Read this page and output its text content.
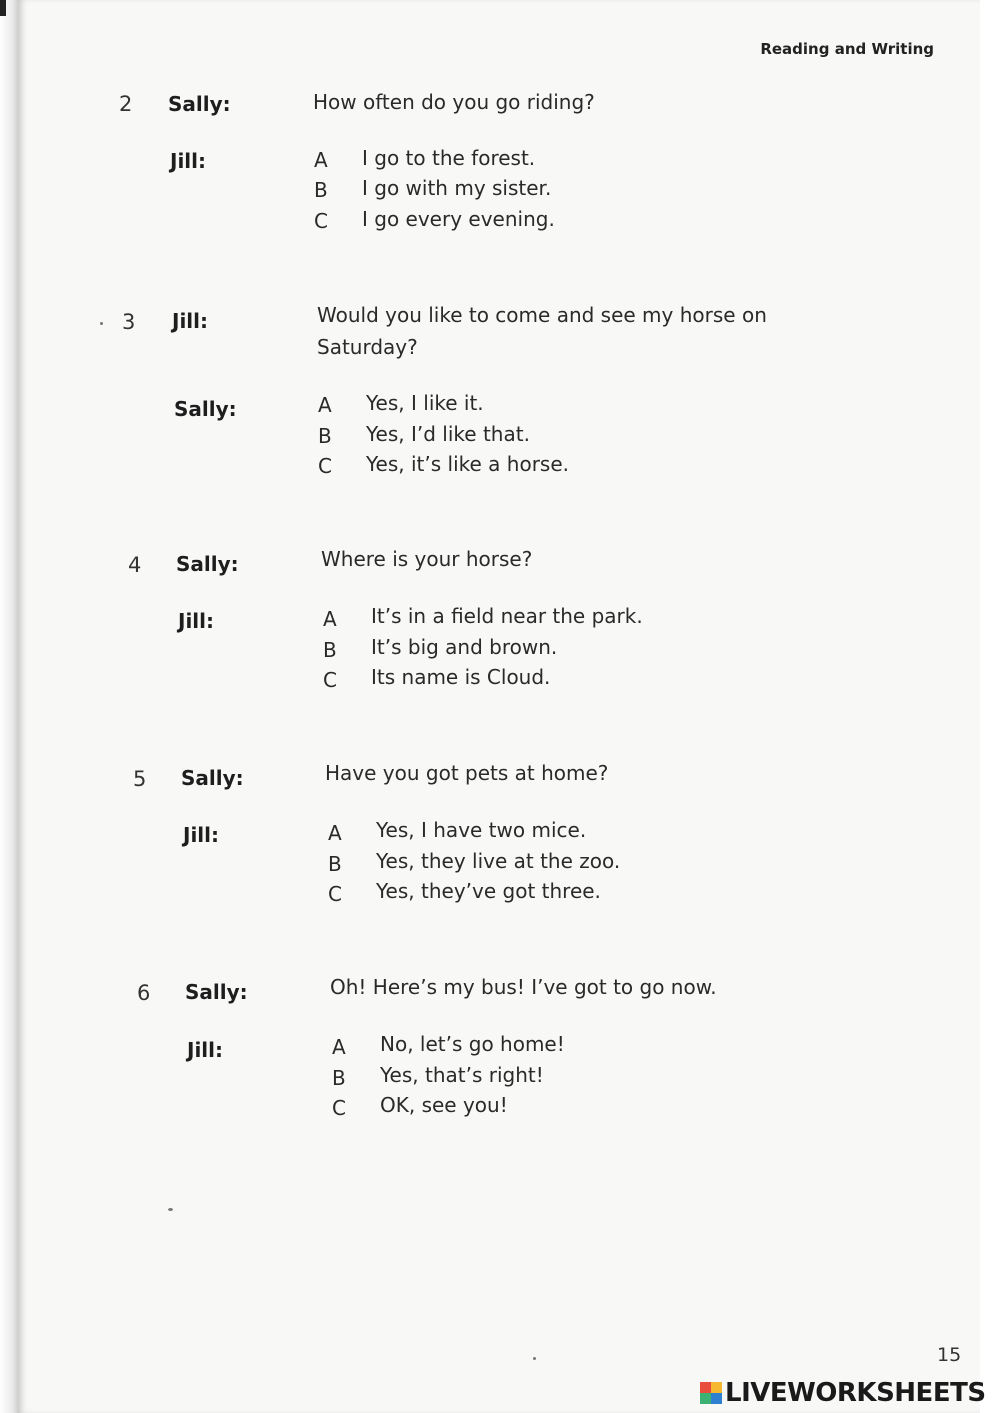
Reading and Writing
2 Sally:	How often do you go riding?
Jill:	A I go to the forest.
B I go with my sister.
C I go every evening.
3 Jill:	Would you like to come and see my horse on
Saturday?
Sally:	A Yes, I like it.
B Yes, I’d like that.
C Yes, it’s like a horse.
4 Sally:	Where is your horse?
Jill:	A It’s in a field near the park.
B It’s big and brown.
C Its name is Cloud.
5 Sally:	Have you got pets at home?
Jill:	A Yes, I have two mice.
B Yes, they live at the zoo.
C Yes, they’ve got three.
6 Sally:	Oh! Here’s my bus! I’ve got to go now.
Jill:	A No, let’s go home!
B Yes, that’s right!
C OK, see you!
15
LIVEWORKSHEETS
